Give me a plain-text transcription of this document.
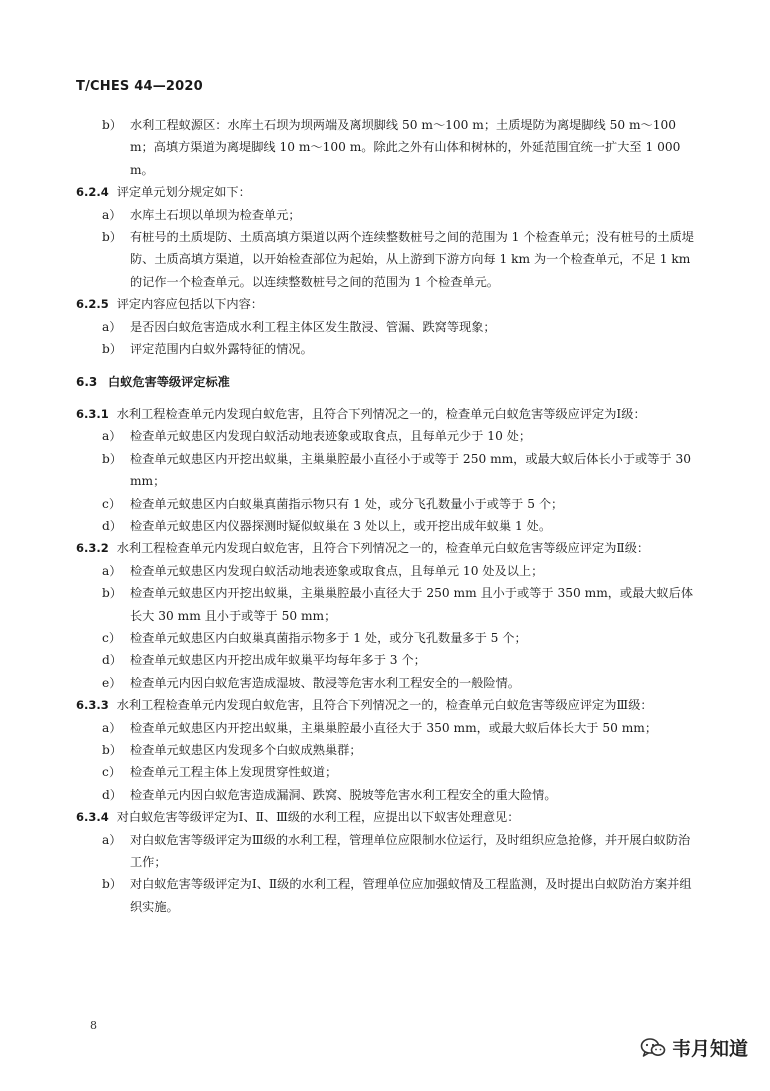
T/CHES 44—2020
b） 水利工程蚁源区：水库土石坝为坝两端及离坝脚线 50 m～100 m；土质堤防为离堤脚线 50 m～100 m；高填方渠道为离堤脚线 10 m～100 m。除此之外有山体和树林的，外延范围宜统一扩大至 1 000 m。
6.2.4 评定单元划分规定如下：
a） 水库土石坝以单坝为检查单元；
b） 有桩号的土质堤防、土质高填方渠道以两个连续整数桩号之间的范围为 1 个检查单元；没有桩号的土质堤防、土质高填方渠道，以开始检查部位为起始，从上游到下游方向每 1 km 为一个检查单元，不足 1 km 的记作一个检查单元。以连续整数桩号之间的范围为 1 个检查单元。
6.2.5 评定内容应包括以下内容：
a） 是否因白蚁危害造成水利工程主体区发生散浸、管漏、跌窝等现象；
b） 评定范围内白蚁外露特征的情况。
6.3 白蚁危害等级评定标准
6.3.1 水利工程检查单元内发现白蚁危害，且符合下列情况之一的，检查单元白蚁危害等级应评定为Ⅰ级：
a） 检查单元蚁患区内发现白蚁活动地表迹象或取食点，且每单元少于 10 处；
b） 检查单元蚁患区内开挖出蚁巢，主巢巢腔最小直径小于或等于 250 mm，或最大蚁后体长小于或等于 30 mm；
c） 检查单元蚁患区内白蚁巢真菌指示物只有 1 处，或分飞孔数量小于或等于 5 个；
d） 检查单元蚁患区内仪器探测时疑似蚁巢在 3 处以上，或开挖出成年蚁巢 1 处。
6.3.2 水利工程检查单元内发现白蚁危害，且符合下列情况之一的，检查单元白蚁危害等级应评定为Ⅱ级：
a） 检查单元蚁患区内发现白蚁活动地表迹象或取食点，且每单元 10 处及以上；
b） 检查单元蚁患区内开挖出蚁巢，主巢巢腔最小直径大于 250 mm 且小于或等于 350 mm，或最大蚁后体长大 30 mm 且小于或等于 50 mm；
c） 检查单元蚁患区内白蚁巢真菌指示物多于 1 处，或分飞孔数量多于 5 个；
d） 检查单元蚁患区内开挖出成年蚁巢平均每年多于 3 个；
e） 检查单元内因白蚁危害造成湿坡、散浸等危害水利工程安全的一般险情。
6.3.3 水利工程检查单元内发现白蚁危害，且符合下列情况之一的，检查单元白蚁危害等级应评定为Ⅲ级：
a） 检查单元蚁患区内开挖出蚁巢，主巢巢腔最小直径大于 350 mm，或最大蚁后体长大于 50 mm；
b） 检查单元蚁患区内发现多个白蚁成熟巢群；
c） 检查单元工程主体上发现贯穿性蚁道；
d） 检查单元内因白蚁危害造成漏洞、跌窝、脱坡等危害水利工程安全的重大险情。
6.3.4 对白蚁危害等级评定为Ⅰ、Ⅱ、Ⅲ级的水利工程，应提出以下蚁害处理意见：
a） 对白蚁危害等级评定为Ⅲ级的水利工程，管理单位应限制水位运行，及时组织应急抢修，并开展白蚁防治工作；
b） 对白蚁危害等级评定为Ⅰ、Ⅱ级的水利工程，管理单位应加强蚁情及工程监测，及时提出白蚁防治方案并组织实施。
8
韦月知道
